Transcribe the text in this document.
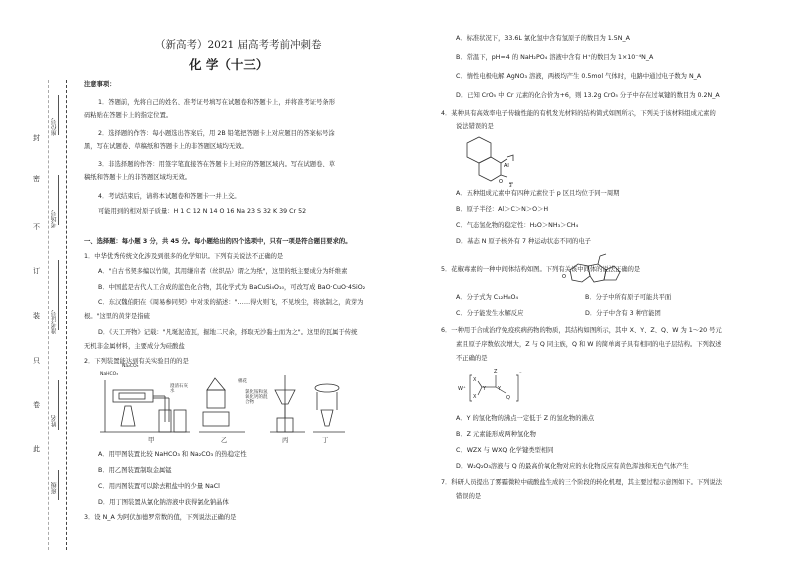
封
密
不
订
装
只
卷
此
座位号
考场号
准考证号
姓名
班级
（新高考）2021 届高考考前冲刺卷
化 学（十三）
注意事项：
1．答题前，先将自己的姓名、准考证号填写在试题卷和答题卡上，并将准考证号条形
码粘贴在答题卡上的指定位置。
2．选择题的作答：每小题选出答案后，用 2B 铅笔把答题卡上对应题目的答案标号涂
黑，写在试题卷、草稿纸和答题卡上的非答题区域均无效。
3．非选择题的作答：用签字笔直接答在答题卡上对应的答题区域内。写在试题卷、草
稿纸和答题卡上的非答题区域均无效。
4．考试结束后，请将本试题卷和答题卡一并上交。
可能用到的相对原子质量：H 1 C 12 N 14 O 16 Na 23 S 32 K 39 Cr 52
一、选择题：每小题 3 分，共 45 分。每小题给出的四个选项中，只有一项是符合题目要求的。
1．中华优秀传统文化涉及到很多的化学知识。下列有关说法不正确的是
A．"自古书契多编以竹简，其用缣帛者（丝织品）谓之为纸"，这里的纸主要成分为纤维素
B．中国蓝是古代人工合成的蓝色化合物，其化学式为 BaCuSi₄O₁₀，可改写成 BaO·CuO·4SiO₂
C．东汉魏伯阳在《周易参同契》中对汞的描述："……得火则飞，不见埃尘，将欲制之，黄芽为
根。"这里的黄芽是指硫
D．《天工开物》记载："凡埏泥造瓦，掘地二尺余，择取无沙黏土而为之"。这里的瓦属于传统
无机非金属材料，主要成分为硅酸盐
2．下列装置能达到有关实验目的的是
NaHCO₃
Na₂CO₃
澄清石灰水
棉花
氯化铵和氢氧化钙的混合物
甲	乙	丙	丁
A．用甲图装置比较 NaHCO₃ 和 Na₂CO₃ 的热稳定性
B．用乙图装置制取金属锰
C．用丙图装置可以除去粗盐中的少量 NaCl
D．用丁图装置从氯化钠溶液中获得氯化钠晶体
3．设 N_A 为阿伏加德罗常数的值，下列说法正确的是
A．标准状况下，33.6L 氯化氢中含有氢原子的数目为 1.5N_A
B．常温下，pH=4 的 NaH₂PO₄ 溶液中含有 H⁺的数目为 1×10⁻⁴N_A
C．惰性电极电解 AgNO₃ 溶液，两极均产生 0.5mol 气体时，电路中通过电子数为 N_A
D．已知 CrO₅ 中 Cr 元素的化合价为+6，则 13.2g CrO₅ 分子中存在过氧键的数目为 0.2N_A
4．某种具有高效率电子传输性能的有机发光材料的结构简式如图所示，下列关于该材料组成元素的
说法错误的是
Al
O
3
A．五种组成元素中有四种元素位于 p 区且均位于同一周期
B．原子半径：Al＞C＞N＞O＞H
C．气态氢化物的稳定性：H₂O＞NH₃＞CH₄
D．基态 N 原子核外有 7 种运动状态不同的电子
O
5．花椒毒素的一种中间体结构如图。下列有关该中间体的说法正确的是
A．分子式为 C₁₂H₈O₄	B．分子中所有原子可能共平面
C．分子能发生水解反应	D．分子中含有 3 种官能团
6．一种用于合成治疗免疫疾病药物的物质，其结构如图所示，其中 X、Y、Z、Q、W 为 1～20 号元
素且原子序数依次增大，Z 与 Q 同主族，Q 和 W 的简单离子具有相同的电子层结构。下列叙述
不正确的是
W⁺
X
X
Y
Z
Y
Q
⁻
A．Y 的氢化物的沸点一定低于 Z 的氢化物的沸点
B．Z 元素能形成两种氢化物
C．WZX 与 WXQ 化学键类型相同
D．W₂Q₂O₃溶液与 Q 的最高价氧化物对应的水化物反应有黄色浑浊和无色气体产生
7．科研人员提出了雾霾微粒中硫酸盐生成的三个阶段的转化机理，其主要过程示意图如下。下列说法
错误的是
